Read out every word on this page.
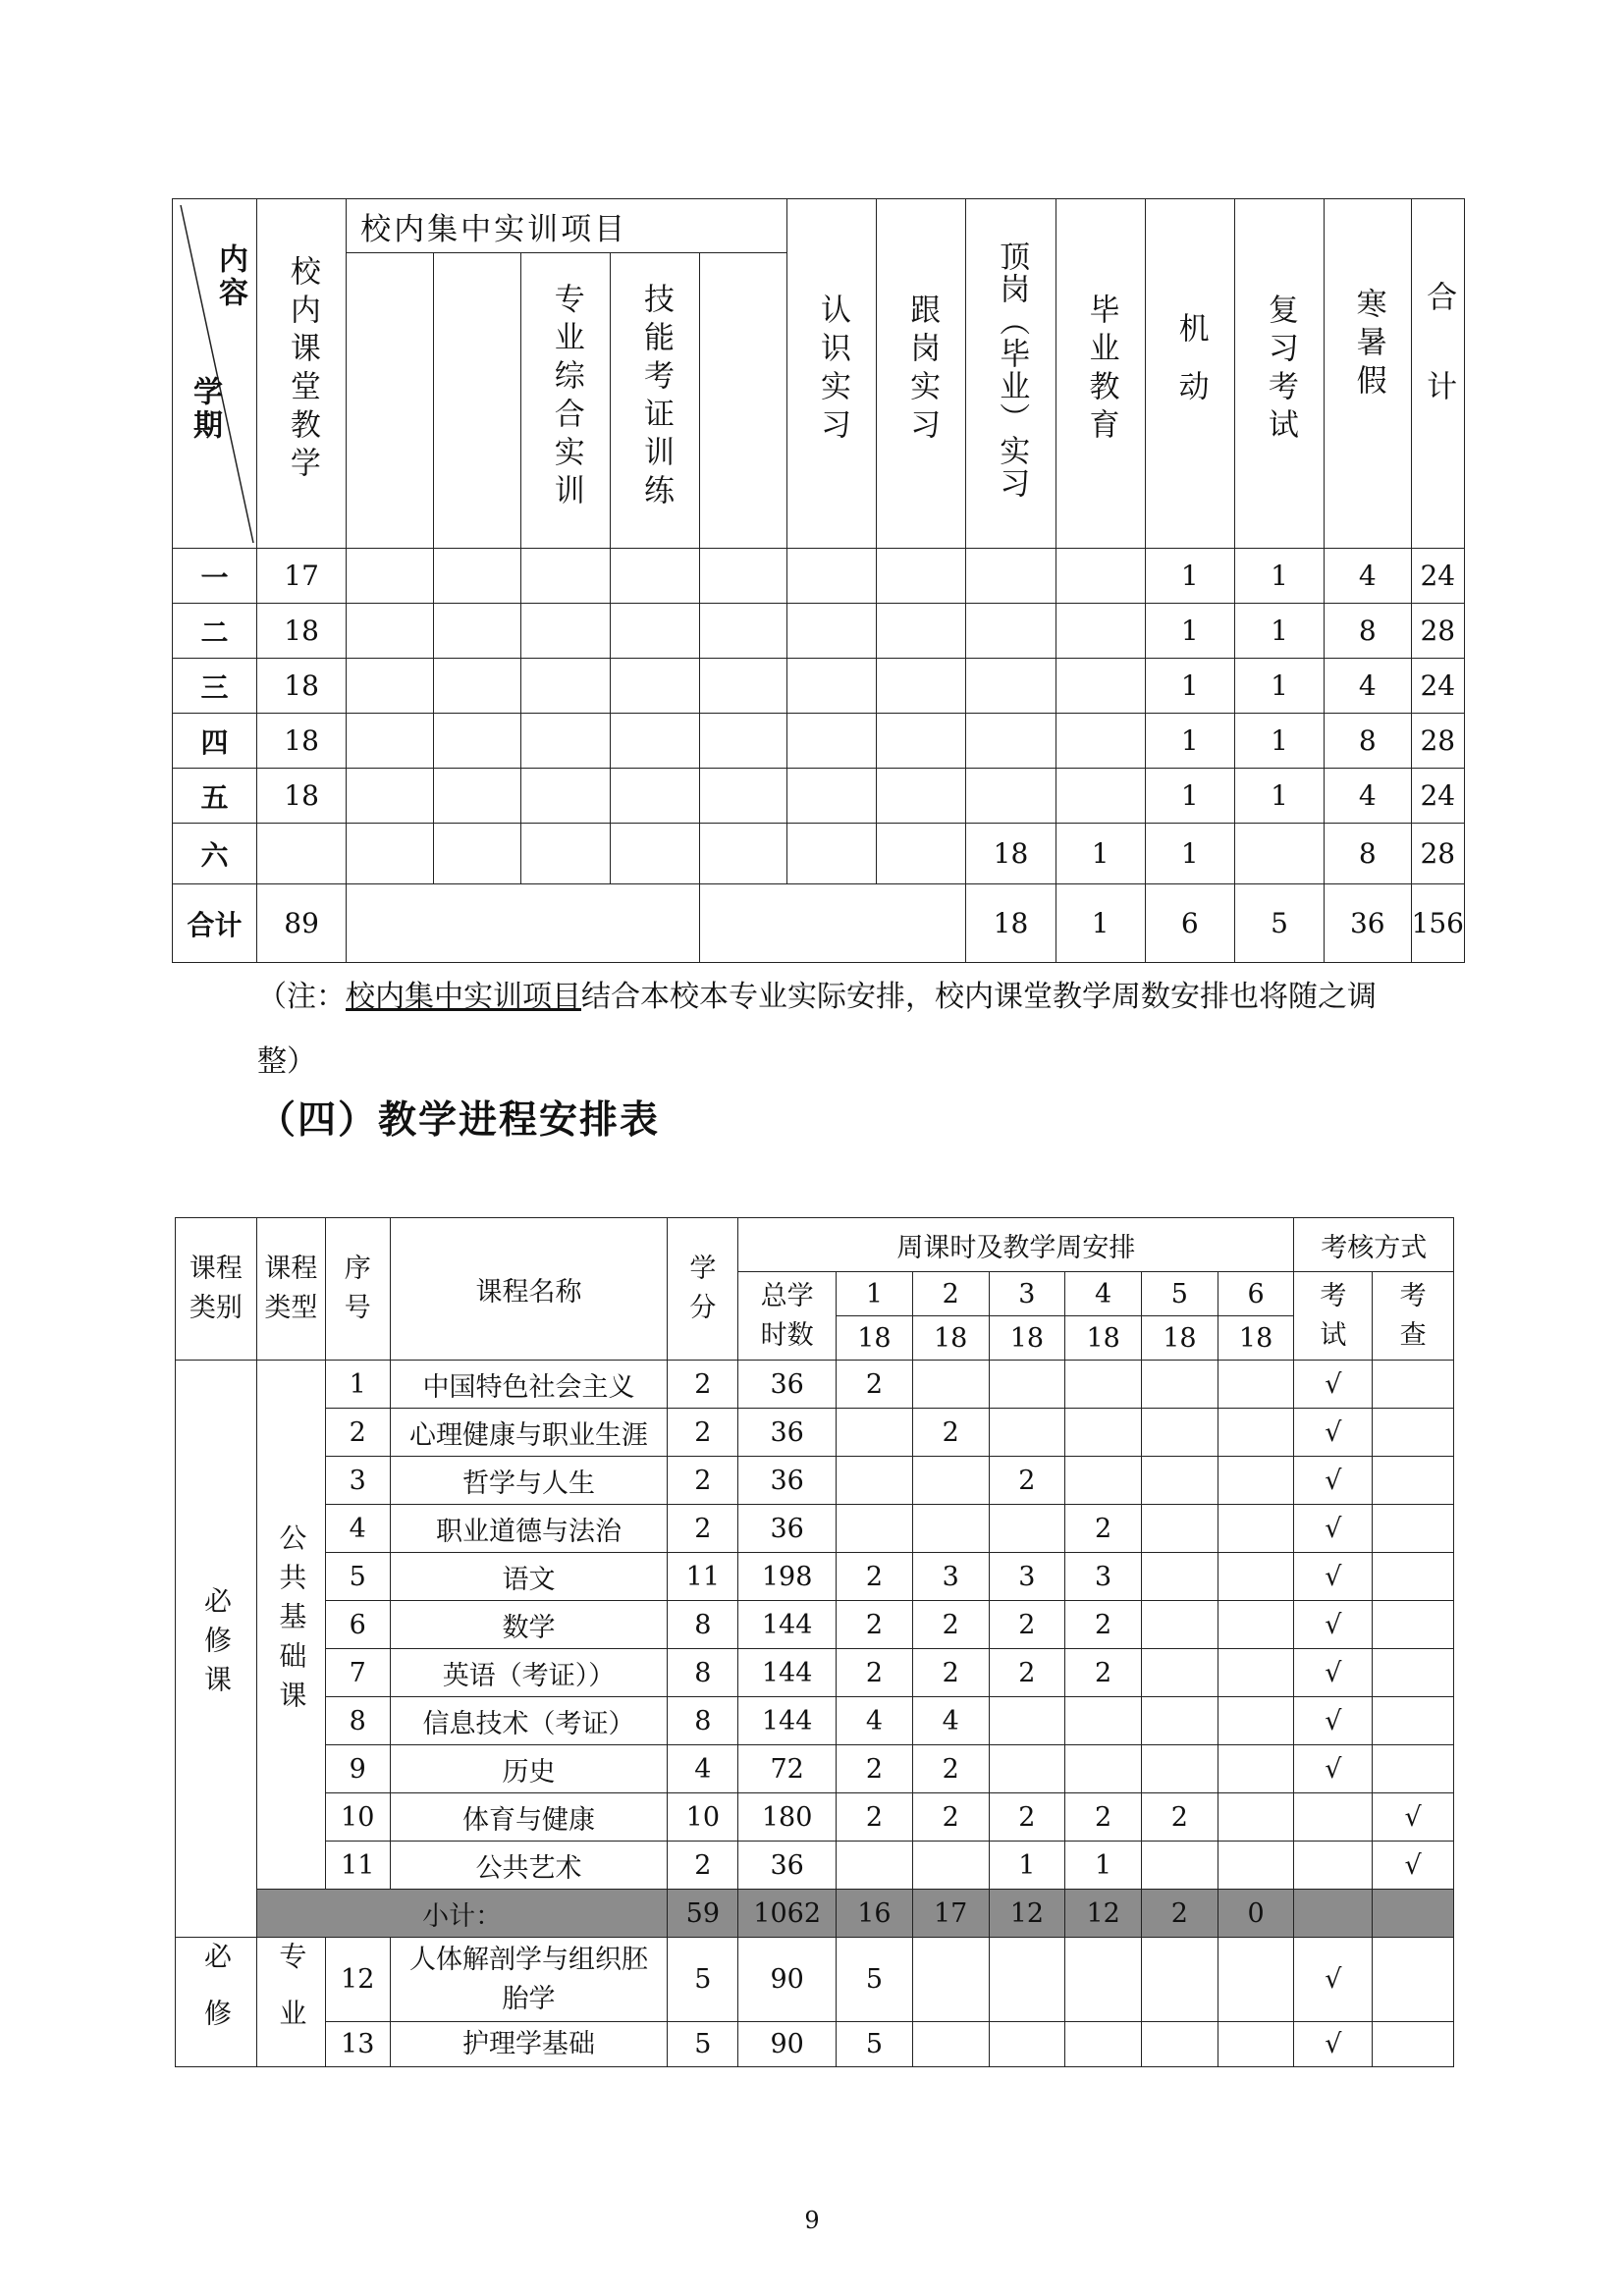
内容
学期	校内课堂教学	校内集中实训项目					认识实习	跟岗实习	顶岗（毕业）实习	毕业教育	机动	复习考试	寒暑假	合计
				专业综合实训	技能考证训练									
一	17										1	1	4	24
二	18										1	1	8	28
三	18										1	1	4	24
四	18										1	1	8	28
五	18										1	1	4	24
六									18	1	1		8	28
合计	89								18	1	6	5	36	156
（注：校内集中实训项目结合本校本专业实际安排，校内课堂教学周数安排也将随之调整）
（四）教学进程安排表
课程类别	课程类型	序号	课程名称	学分	周课时及教学周安排							考核方式	
					总学时数	1	2	3	4	5	6	考试	考查
						18	18	18	18	18	18		
必修课	公共基础课	1	中国特色社会主义	2	36	2						√	
		2	心理健康与职业生涯	2	36		2					√	
		3	哲学与人生	2	36			2				√	
		4	职业道德与法治	2	36				2			√	
		5	语文	11	198	2	3	3	3			√	
		6	数学	8	144	2	2	2	2			√	
		7	英语（考证））	8	144	2	2	2	2			√	
		8	信息技术（考证）	8	144	4	4					√	
		9	历史	4	72	2	2					√	
		10	体育与健康	10	180	2	2	2	2	2			√
		11	公共艺术	2	36			1	1				√
	小计：			59	1062	16	17	12	12	2	0		
必修	专业	12	人体解剖学与组织胚胎学	5	90	5						√	
		13	护理学基础	5	90	5						√	
9
